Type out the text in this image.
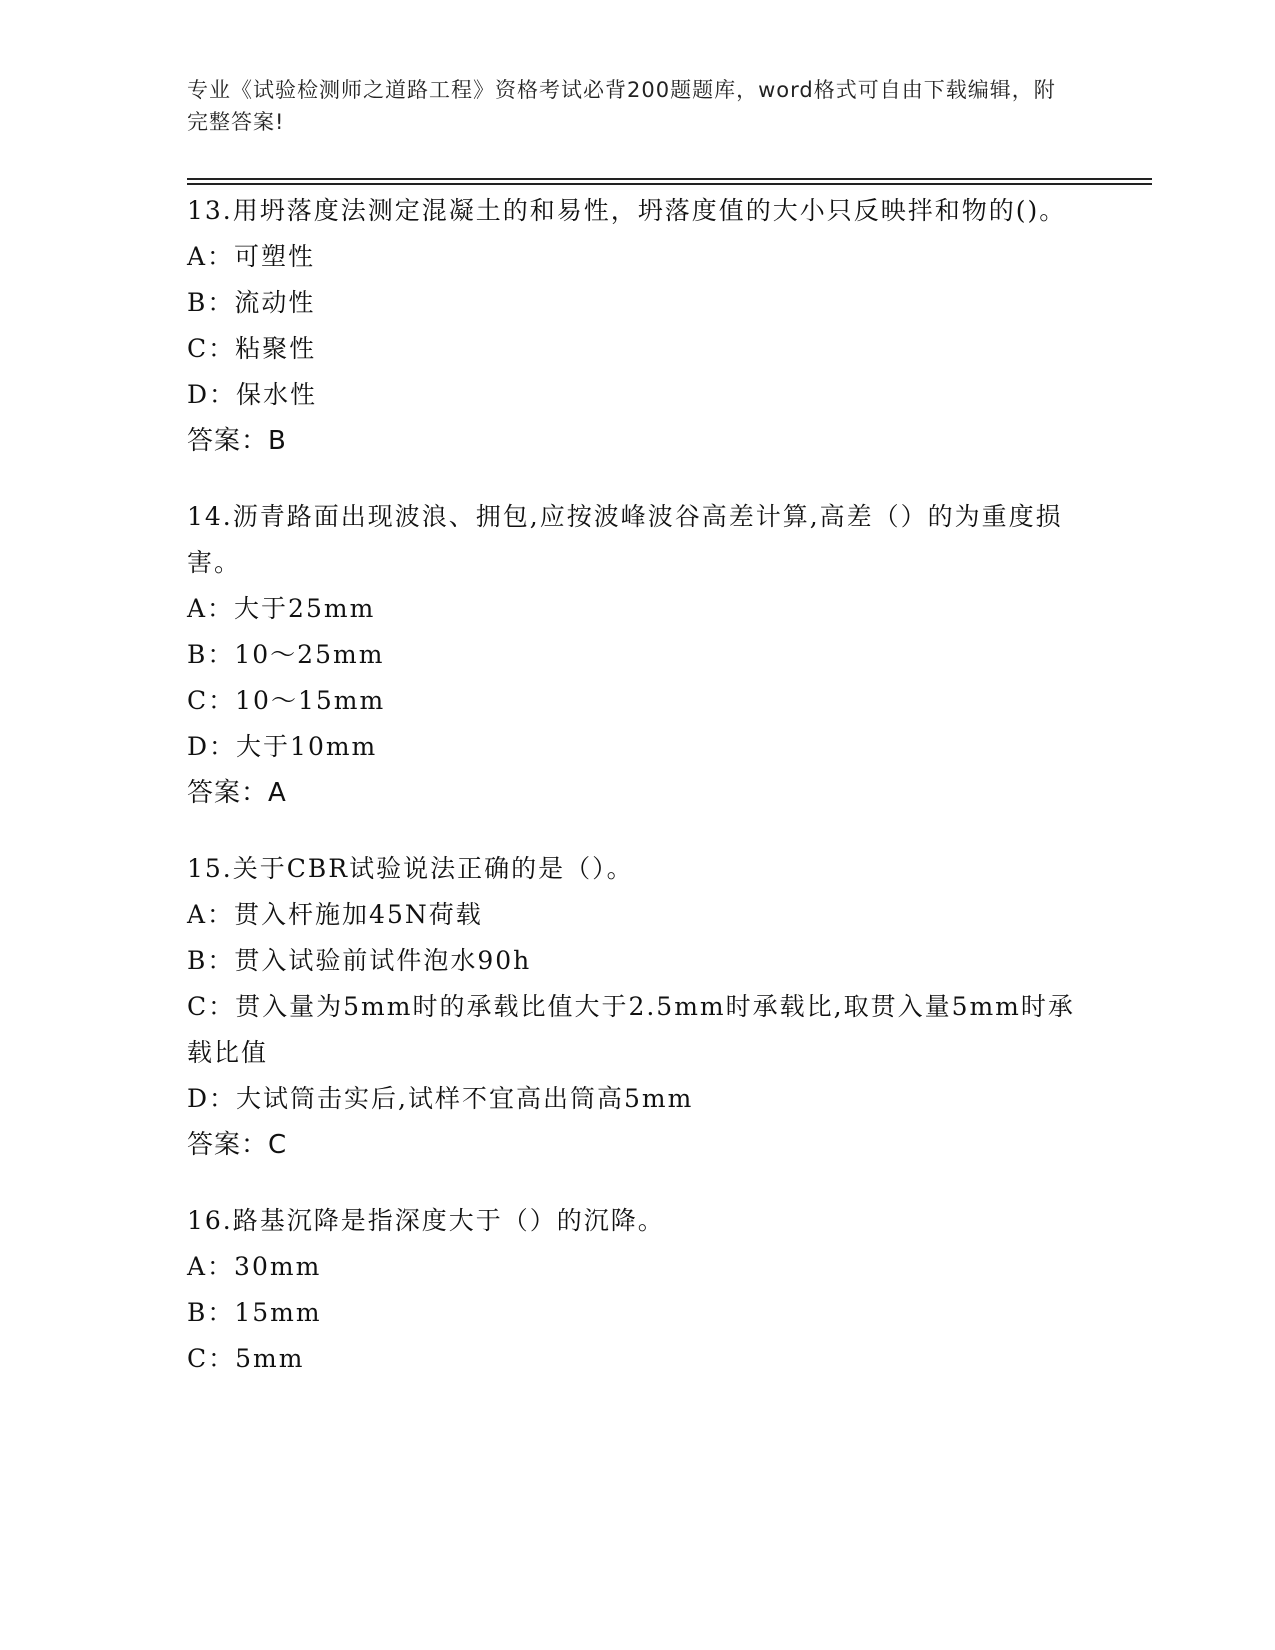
专业《试验检测师之道路工程》资格考试必背200题题库，word格式可自由下载编辑，附完整答案!
13.用坍落度法测定混凝土的和易性，坍落度值的大小只反映拌和物的()。
A：可塑性
B：流动性
C：粘聚性
D：保水性
答案：B
14.沥青路面出现波浪、拥包,应按波峰波谷高差计算,高差（）的为重度损害。
A：大于25mm
B：10～25mm
C：10～15mm
D：大于10mm
答案：A
15.关于CBR试验说法正确的是（）。
A：贯入杆施加45N荷载
B：贯入试验前试件泡水90h
C：贯入量为5mm时的承载比值大于2.5mm时承载比,取贯入量5mm时承载比值
D：大试筒击实后,试样不宜高出筒高5mm
答案：C
16.路基沉降是指深度大于（）的沉降。
A：30mm
B：15mm
C：5mm
